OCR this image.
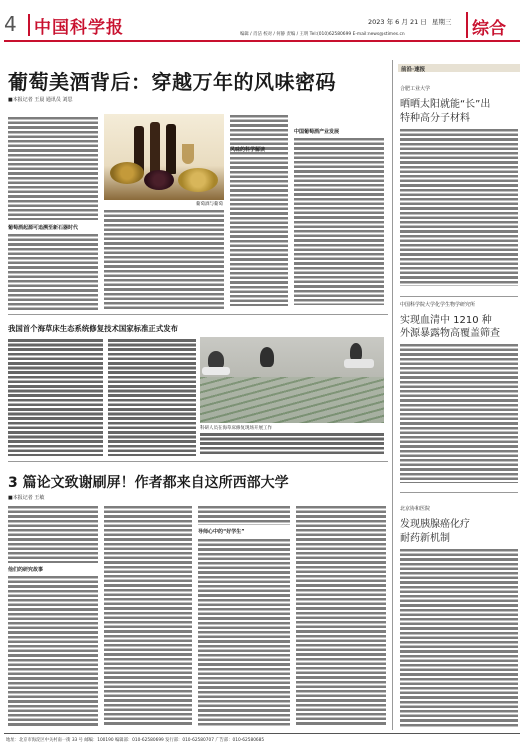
4 中国科学报	2023 年 6 月 21 日 星期三
编辑 / 肖洁 校对 / 何静 责编 / 王明 Tel:(010)62580699 E-mail:news@stimes.cn	综合
葡萄美酒背后：穿越万年的风味密码
■本报记者 王晨 通讯员 刘思
葡萄酒起源可追溯至新石器时代
葡萄酒与葡萄
风味的科学解读
中国葡萄酒产业发展
我国首个海草床生态系统修复技术国家标准正式发布
科研人员在海草床修复现场开展工作
3 篇论文致谢刷屏！作者都来自这所西部大学
■本报记者 王敏
他们的研究故事
导师心中的“好学生”
前沿·速报
合肥工业大学
晒晒太阳就能“长”出
特种高分子材料
中国科学院大学化学生物学研究所
实现血清中 1210 种
外源暴露物高覆盖筛查
北京协和医院
发现胰腺癌化疗
耐药新机制
地址：北京市海淀区中关村南一街 33 号 邮编：100190 编辑部：010-62580699 发行部：010-62580707 广告部：010-62580685
